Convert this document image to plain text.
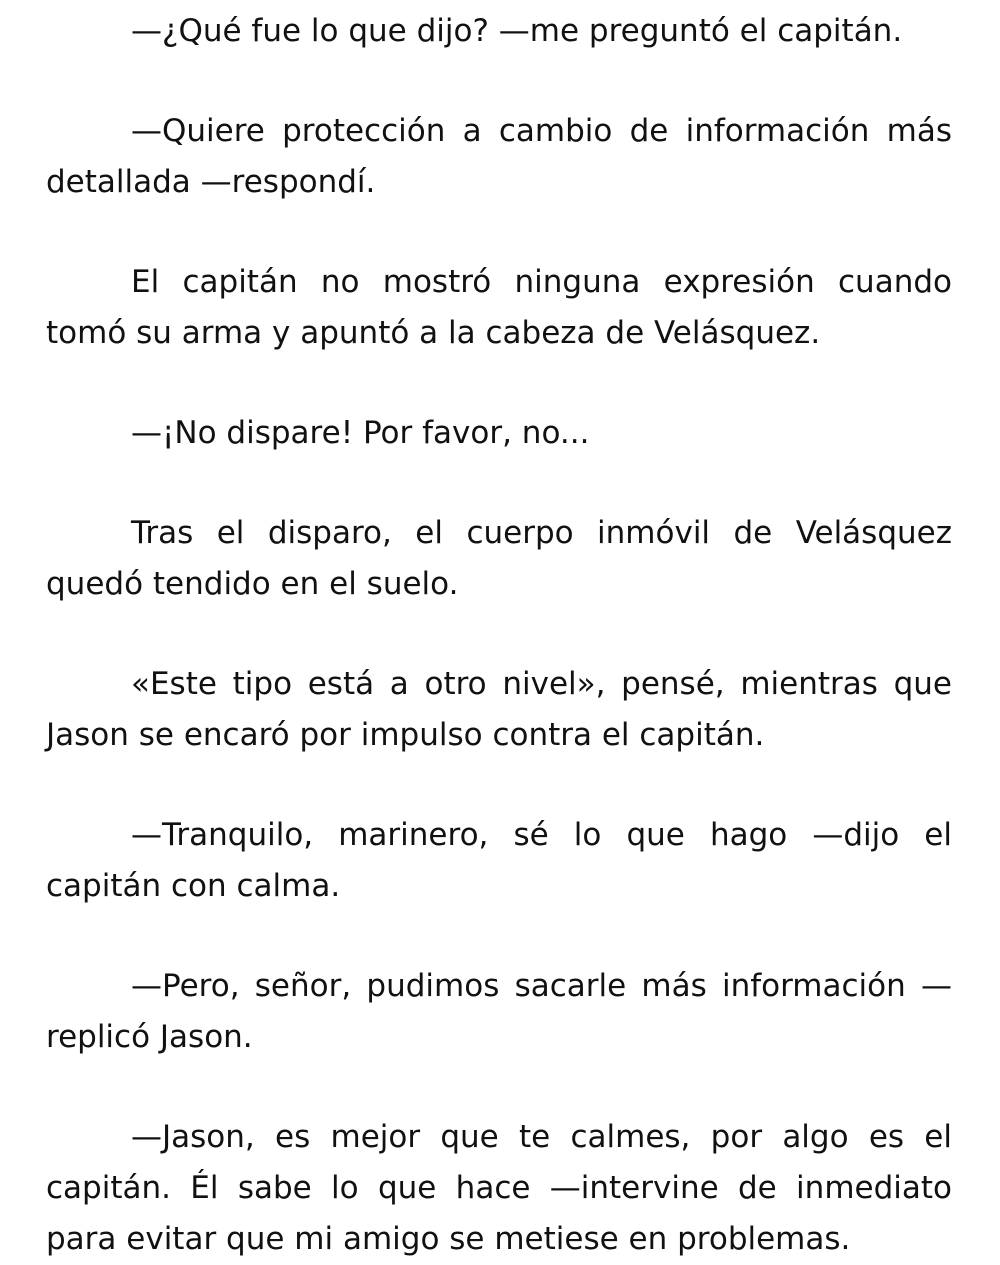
—¿Qué fue lo que dijo? —me preguntó el capitán.

—Quiere protección a cambio de información más detallada —respondí.

El capitán no mostró ninguna expresión cuando tomó su arma y apuntó a la cabeza de Velásquez.

—¡No dispare! Por favor, no...

Tras el disparo, el cuerpo inmóvil de Velásquez quedó tendido en el suelo.

«Este tipo está a otro nivel», pensé, mientras que Jason se encaró por impulso contra el capitán.

—Tranquilo, marinero, sé lo que hago —dijo el capitán con calma.

—Pero, señor, pudimos sacarle más información —replicó Jason.

—Jason, es mejor que te calmes, por algo es el capitán. Él sabe lo que hace —intervine de inmediato para evitar que mi amigo se metiese en problemas.
